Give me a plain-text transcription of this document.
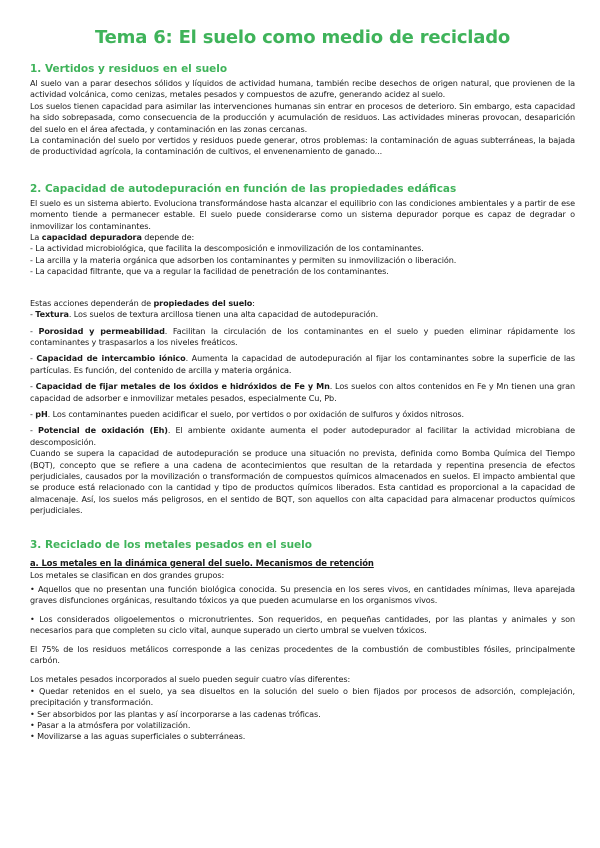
Tema 6: El suelo como medio de reciclado
1. Vertidos y residuos en el suelo

Al suelo van a parar desechos sólidos y líquidos de actividad humana, también recibe desechos de origen natural, que provienen de la actividad volcánica, como cenizas, metales pesados y compuestos de azufre, generando acidez al suelo.

Los suelos tienen capacidad para asimilar las intervenciones humanas sin entrar en procesos de deterioro. Sin embargo, esta capacidad ha sido sobrepasada, como consecuencia de la producción y acumulación de residuos. Las actividades mineras provocan, desaparición del suelo en el área afectada, y contaminación en las zonas cercanas.

La contaminación del suelo por vertidos y residuos puede generar, otros problemas: la contaminación de aguas subterráneas, la bajada de productividad agrícola, la contaminación de cultivos, el envenenamiento de ganado...

2. Capacidad de autodepuración en función de las propiedades edáficas

El suelo es un sistema abierto. Evoluciona transformándose hasta alcanzar el equilibrio con las condiciones ambientales y a partir de ese momento tiende a permanecer estable. El suelo puede considerarse como un sistema depurador porque es capaz de degradar o inmovilizar los contaminantes.

La capacidad depuradora depende de:

- La actividad microbiológica, que facilita la descomposición e inmovilización de los contaminantes.

- La arcilla y la materia orgánica que adsorben los contaminantes y permiten su inmovilización o liberación.

- La capacidad filtrante, que va a regular la facilidad de penetración de los contaminantes.

Estas acciones dependerán de propiedades del suelo:

- Textura. Los suelos de textura arcillosa tienen una alta capacidad de autodepuración.

- Porosidad y permeabilidad. Facilitan la circulación de los contaminantes en el suelo y pueden eliminar rápidamente los contaminantes y traspasarlos a los niveles freáticos.

- Capacidad de intercambio iónico. Aumenta la capacidad de autodepuración al fijar los contaminantes sobre la superficie de las partículas. Es función, del contenido de arcilla y materia orgánica.

- Capacidad de fijar metales de los óxidos e hidróxidos de Fe y Mn. Los suelos con altos contenidos en Fe y Mn tienen una gran capacidad de adsorber e inmovilizar metales pesados, especialmente Cu, Pb.

- pH. Los contaminantes pueden acidificar el suelo, por vertidos o por oxidación de sulfuros y óxidos nitrosos.

- Potencial de oxidación (Eh). El ambiente oxidante aumenta el poder autodepurador al facilitar la actividad microbiana de descomposición.

Cuando se supera la capacidad de autodepuración se produce una situación no prevista, definida como Bomba Química del Tiempo (BQT), concepto que se refiere a una cadena de acontecimientos que resultan de la retardada y repentina presencia de efectos perjudiciales, causados por la movilización o transformación de compuestos químicos almacenados en suelos. El impacto ambiental que se produce está relacionado con la cantidad y tipo de productos químicos liberados. Esta cantidad es proporcional a la capacidad de almacenaje. Así, los suelos más peligrosos, en el sentido de BQT, son aquellos con alta capacidad para almacenar productos químicos perjudiciales.

3. Reciclado de los metales pesados en el suelo

a. Los metales en la dinámica general del suelo. Mecanismos de retención

Los metales se clasifican en dos grandes grupos:

• Aquellos que no presentan una función biológica conocida. Su presencia en los seres vivos, en cantidades mínimas, lleva aparejada graves disfunciones orgánicas, resultando tóxicos ya que pueden acumularse en los organismos vivos.

• Los considerados oligoelementos o micronutrientes. Son requeridos, en pequeñas cantidades, por las plantas y animales y son necesarios para que completen su ciclo vital, aunque superado un cierto umbral se vuelven tóxicos.

El 75% de los residuos metálicos corresponde a las cenizas procedentes de la combustión de combustibles fósiles, principalmente carbón.

Los metales pesados incorporados al suelo pueden seguir cuatro vías diferentes:

• Quedar retenidos en el suelo, ya sea disueltos en la solución del suelo o bien fijados por procesos de adsorción, complejación, precipitación y transformación.

• Ser absorbidos por las plantas y así incorporarse a las cadenas tróficas.

• Pasar a la atmósfera por volatilización.

• Movilizarse a las aguas superficiales o subterráneas.
